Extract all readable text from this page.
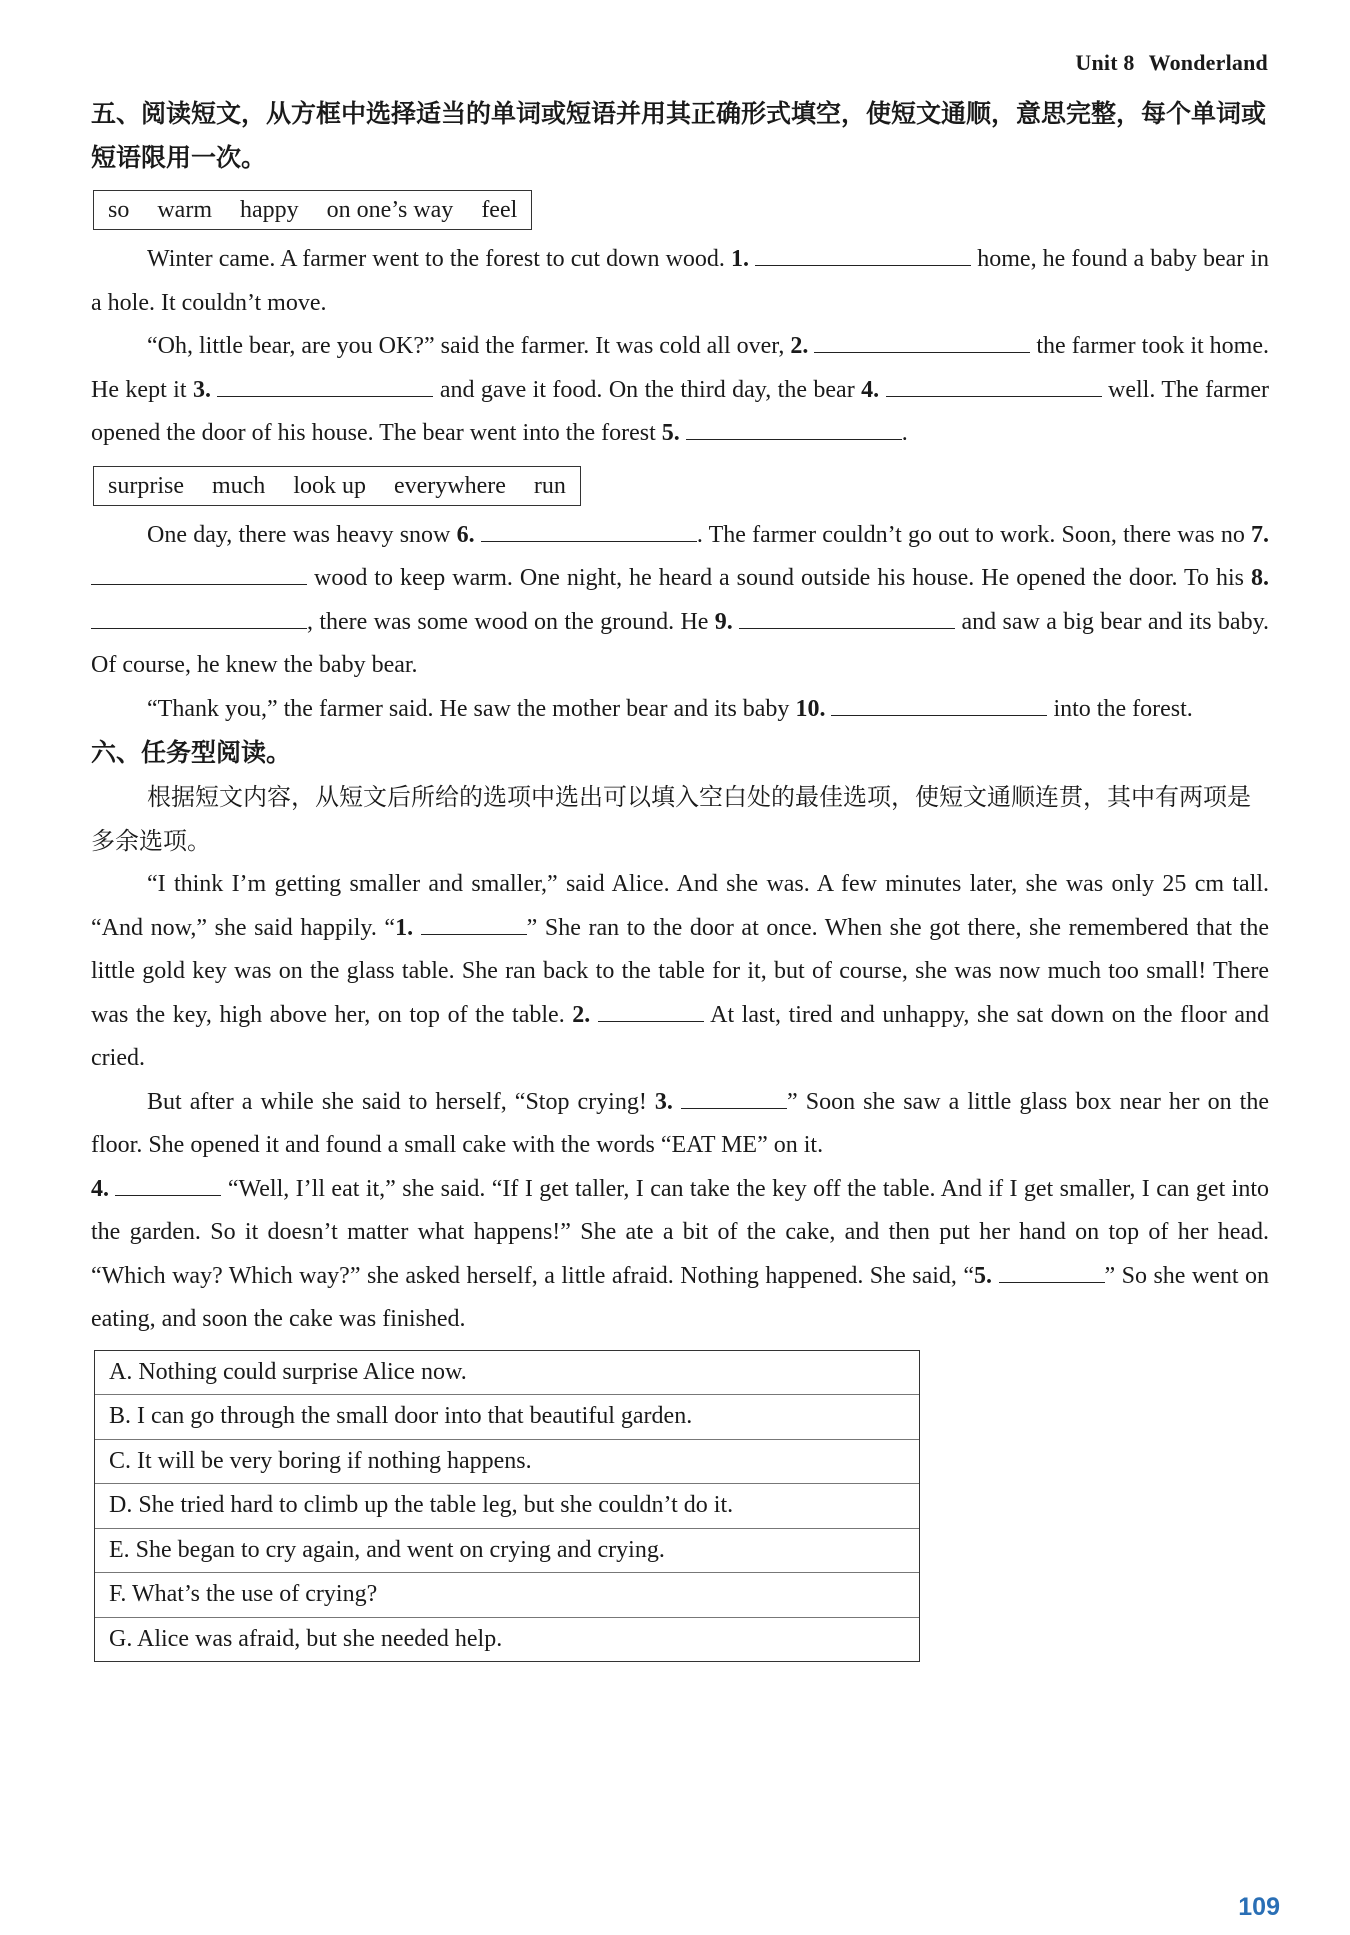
Unit 8 Wonderland

五、阅读短文，从方框中选择适当的单词或短语并用其正确形式填空，使短文通顺，意思完整，每个单词或短语限用一次。

so warm happy on one’s way feel

Winter came. A farmer went to the forest to cut down wood. 1.	home, he found a baby bear in a hole. It couldn’t move.

“Oh, little bear, are you OK?” said the farmer. It was cold all over, 2.	the farmer took it home. He kept it 3.	and gave it food. On the third day, the bear 4.	well. The farmer opened the door of his house. The bear went into the forest 5.	.

surprise much look up everywhere run

One day, there was heavy snow 6.	. The farmer couldn’t go out to work. Soon, there was no 7.  wood to keep warm. One night, he heard a sound outside his house. He opened the door. To his 8. , there was some wood on the ground. He 9.	and saw a big bear and its baby. Of course, he knew the baby bear.

“Thank you,” the farmer said. He saw the mother bear and its baby 10.	into the forest.

六、任务型阅读。

根据短文内容，从短文后所给的选项中选出可以填入空白处的最佳选项，使短文通顺连贯，其中有两项是多余选项。

“I think I’m getting smaller and smaller,” said Alice. And she was. A few minutes later, she was only 25 cm tall. “And now,” she said happily. “1.	” She ran to the door at once. When she got there, she remembered that the little gold key was on the glass table. She ran back to the table for it, but of course, she was now much too small! There was the key, high above her, on top of the table. 2.	At last, tired and unhappy, she sat down on the floor and cried.

But after a while she said to herself, “Stop crying! 3.	” Soon she saw a little glass box near her on the floor. She opened it and found a small cake with the words “EAT ME” on it.

4.	“Well, I’ll eat it,” she said. “If I get taller, I can take the key off the table. And if I get smaller, I can get into the garden. So it doesn’t matter what happens!” She ate a bit of the cake, and then put her hand on top of her head. “Which way? Which way?” she asked herself, a little afraid. Nothing happened. She said, “5.	” So she went on eating, and soon the cake was finished.

A. Nothing could surprise Alice now.
B. I can go through the small door into that beautiful garden.
C. It will be very boring if nothing happens.
D. She tried hard to climb up the table leg, but she couldn’t do it.
E. She began to cry again, and went on crying and crying.
F. What’s the use of crying?
G. Alice was afraid, but she needed help.
109
